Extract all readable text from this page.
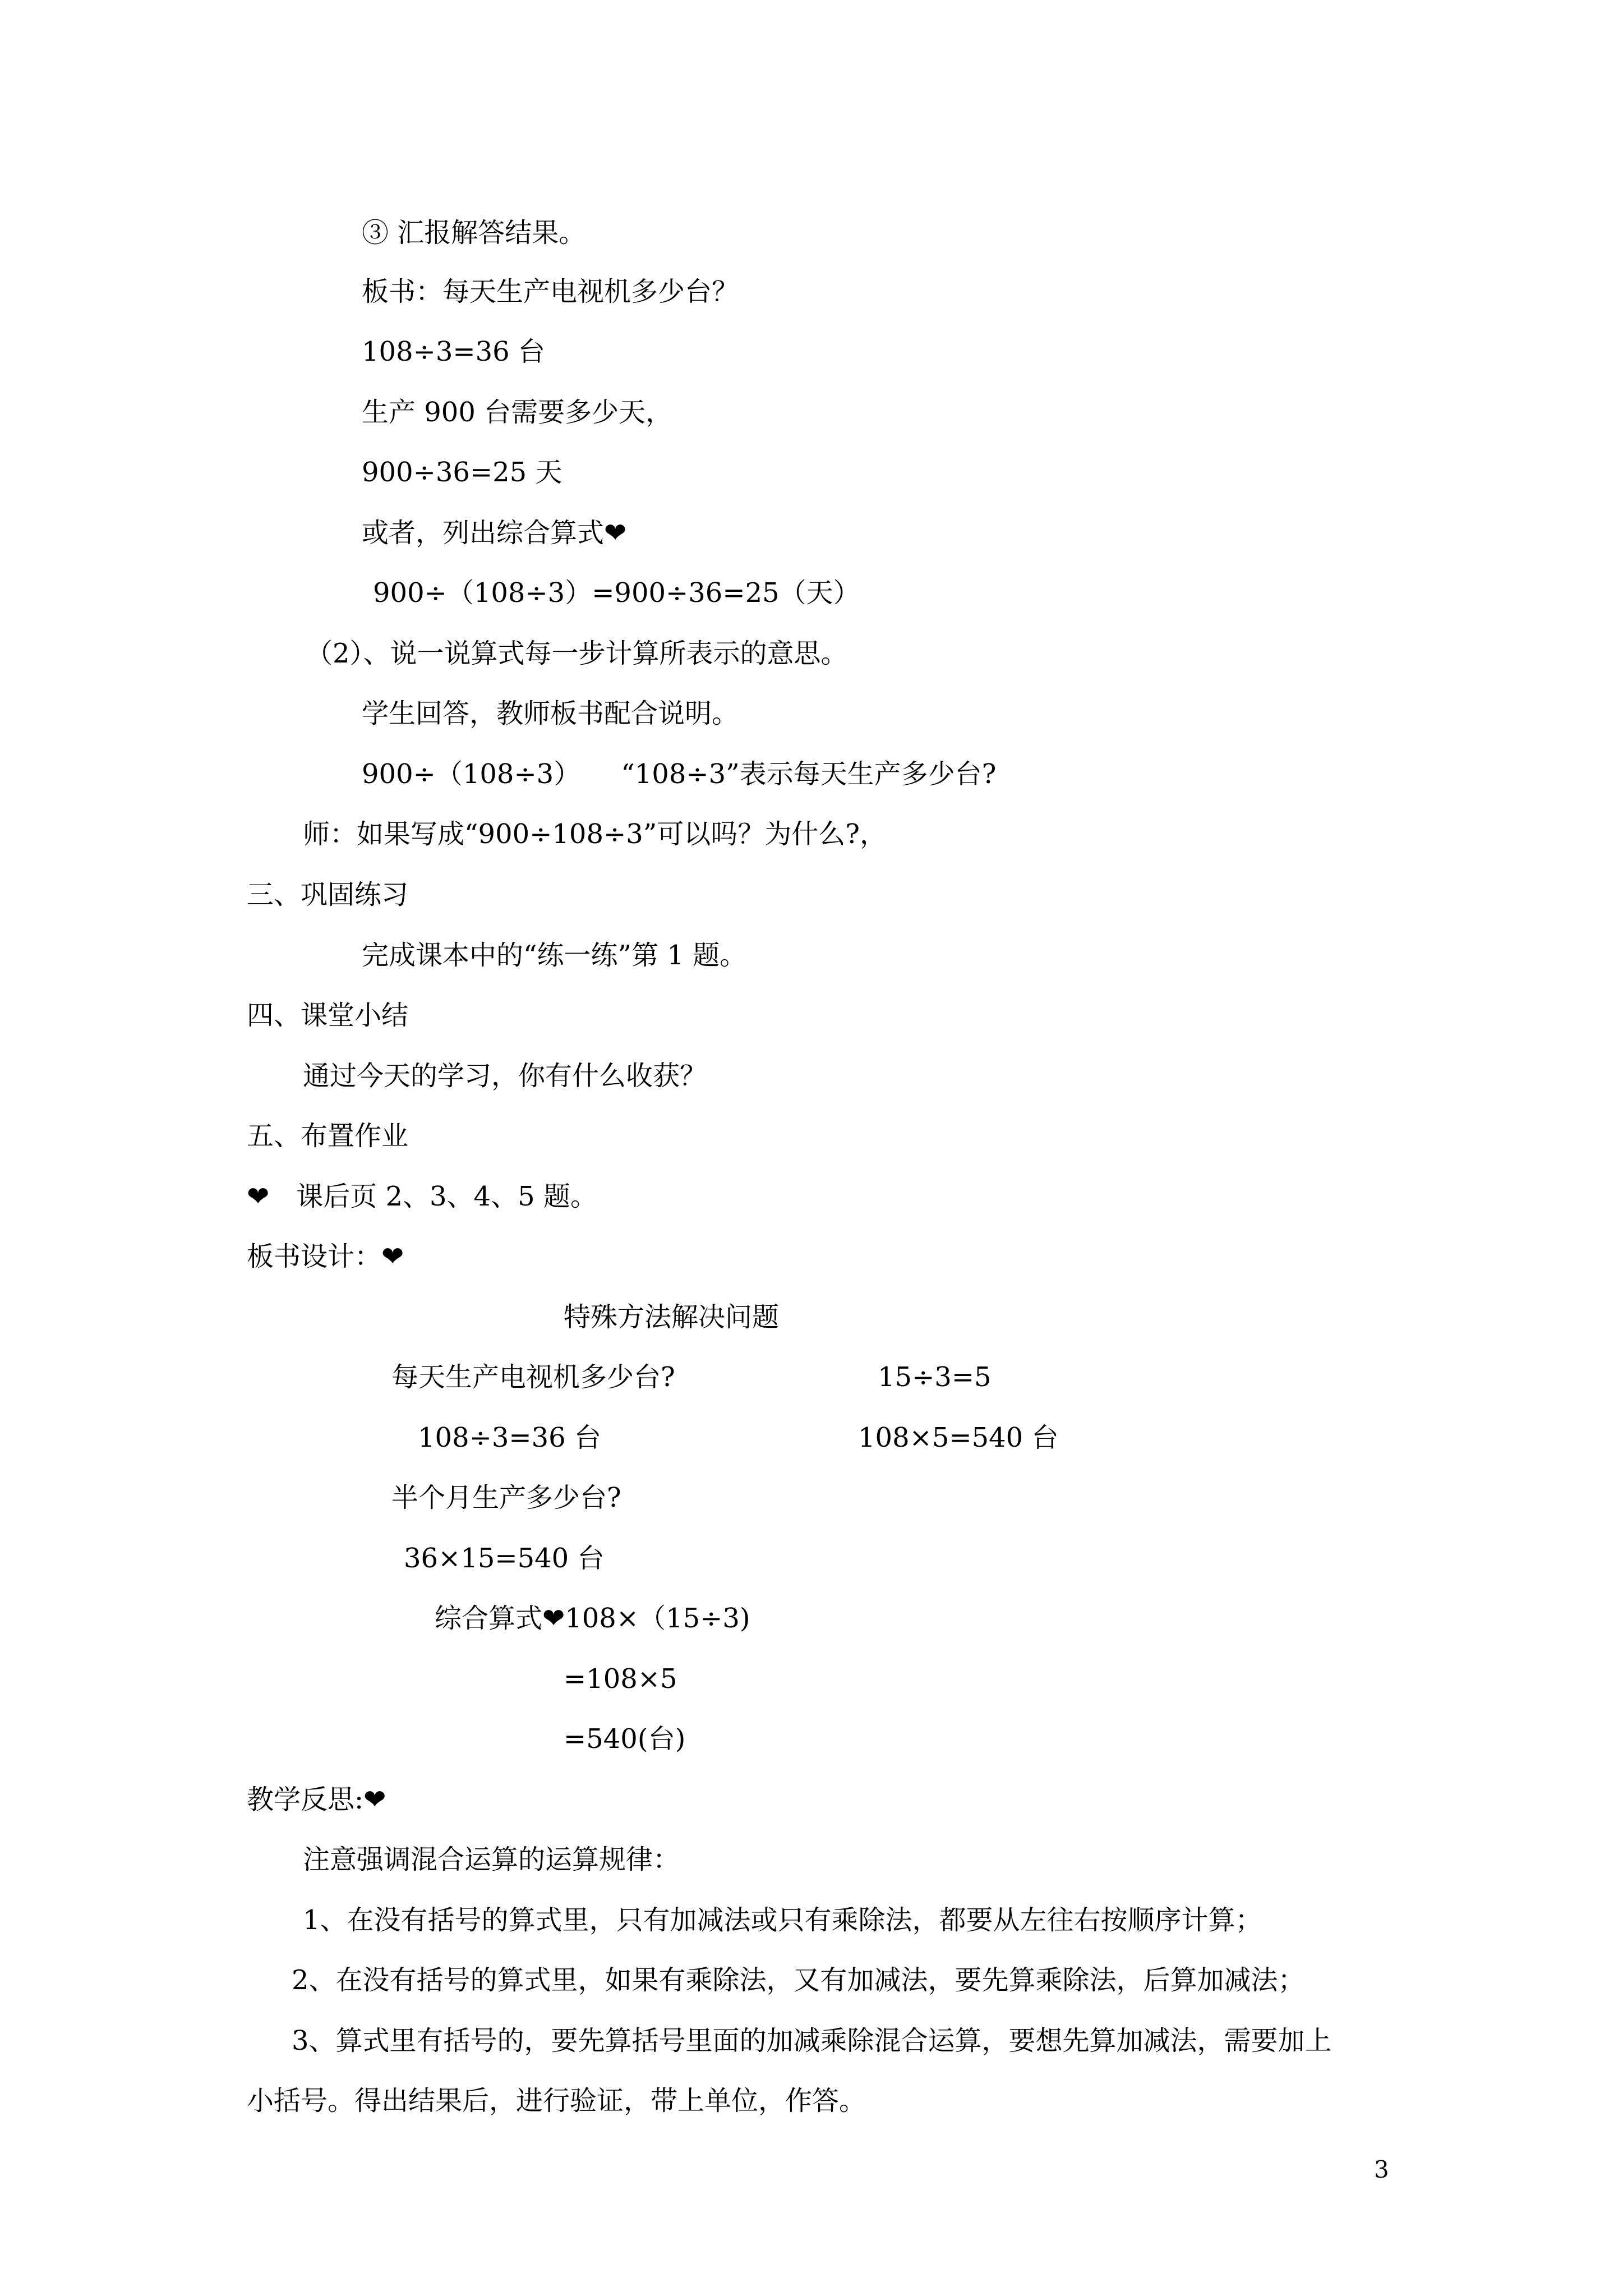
③ 汇报解答结果。
板书：每天生产电视机多少台？
108÷3=36 台
生产 900 台需要多少天，
900÷36=25 天
或者，列出综合算式❤
900÷（108÷3）=900÷36=25（天）
（2）、说一说算式每一步计算所表示的意思。
学生回答，教师板书配合说明。
900÷（108÷3）　　“108÷3”表示每天生产多少台?
师：如果写成“900÷108÷3”可以吗？为什么?，
三、巩固练习
完成课本中的“练一练”第 1 题。
四、课堂小结
通过今天的学习，你有什么收获？
五、布置作业
❤　课后页 2、3、4、5 题。
板书设计：❤
特殊方法解决问题
每天生产电视机多少台?	15÷3=5
108÷3=36 台	108×5=540 台
半个月生产多少台?
36×15=540 台
综合算式❤108×（15÷3)
=108×5
=540(台)
教学反思:❤
注意强调混合运算的运算规律：
1、在没有括号的算式里，只有加减法或只有乘除法，都要从左往右按顺序计算；
2、在没有括号的算式里，如果有乘除法，又有加减法，要先算乘除法，后算加减法；
3、算式里有括号的，要先算括号里面的加减乘除混合运算，要想先算加减法，需要加上
小括号。得出结果后，进行验证，带上单位，作答。
3
